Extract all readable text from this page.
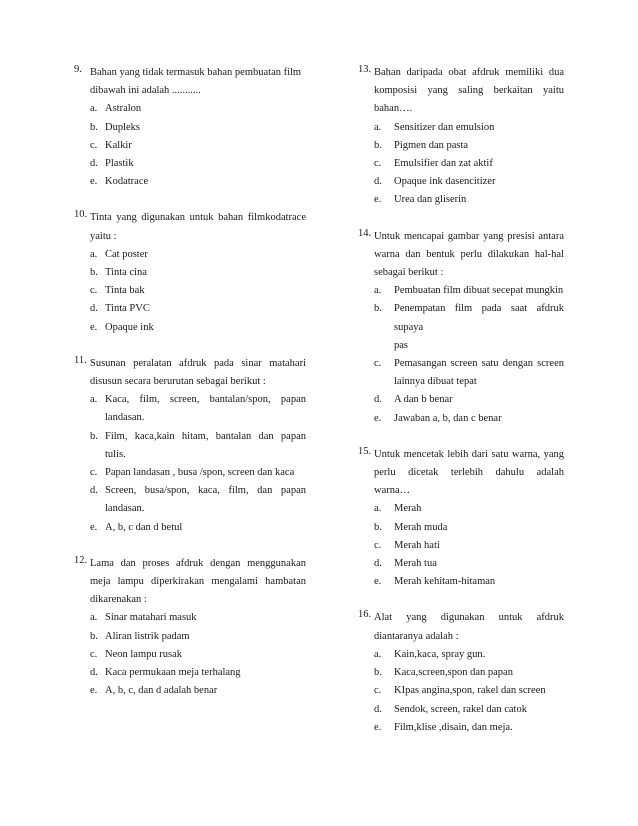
9. Bahan yang tidak termasuk bahan pembuatan film
dibawah ini adalah ...........
a. Astralon
b. Dupleks
c. Kalkir
d. Plastik
e. Kodatrace
10. Tinta yang digunakan untuk bahan filmkodatrace
yaitu :
a. Cat poster
b. Tinta cina
c. Tinta bak
d. Tinta PVC
e. Opaque ink
11. Susunan peralatan afdruk pada sinar matahari
disusun secara berurutan sebagai berikut :
a. Kaca, film, screen, bantalan/spon, papan
landasan.
b. Film, kaca,kain hitam, bantalan dan papan
tulis.
c. Papan landasan , busa /spon, screen dan kaca
d. Screen, busa/spon, kaca, film, dan papan
landasan.
e. A, b, c dan d betul
12. Lama dan proses afdruk dengan menggunakan
meja lampu diperkirakan mengalami hambatan
dikarenakan :
a. Sinar matahari masuk
b. Aliran listrik padam
c. Neon lampu rusak
d. Kaca permukaan meja terhalang
e. A, b, c, dan d adalah benar
13. Bahan daripada obat afdruk memiliki dua
komposisi yang saling berkaitan yaitu
bahan….
a. Sensitizer dan emulsion
b. Pigmen dan pasta
c. Emulsifier dan zat aktif
d. Opaque ink dasencitizer
e. Urea dan gliserin
14. Untuk mencapai gambar yang presisi antara
warna dan bentuk perlu dilakukan hal-hal
sebagai berikut :
a. Pembuatan film dibuat secepat mungkin
b. Penempatan film pada saat afdruk supaya
pas
c. Pemasangan screen satu dengan screen
lainnya dibuat tepat
d. A dan b benar
e. Jawaban a, b, dan c benar
15. Untuk mencetak lebih dari satu warna, yang
perlu dicetak terlebih dahulu adalah
warna…
a. Merah
b. Merah muda
c. Merah hati
d. Merah tua
e. Merah kehitam-hitaman
16. Alat yang digunakan untuk afdruk
diantaranya adalah :
a. Kain,kaca, spray gun.
b. Kaca,screen,spon dan papan
c. KIpas angina,spon, rakel dan screen
d. Sendok, screen, rakel dan catok
e. Film,klise ,disain, dan meja.
